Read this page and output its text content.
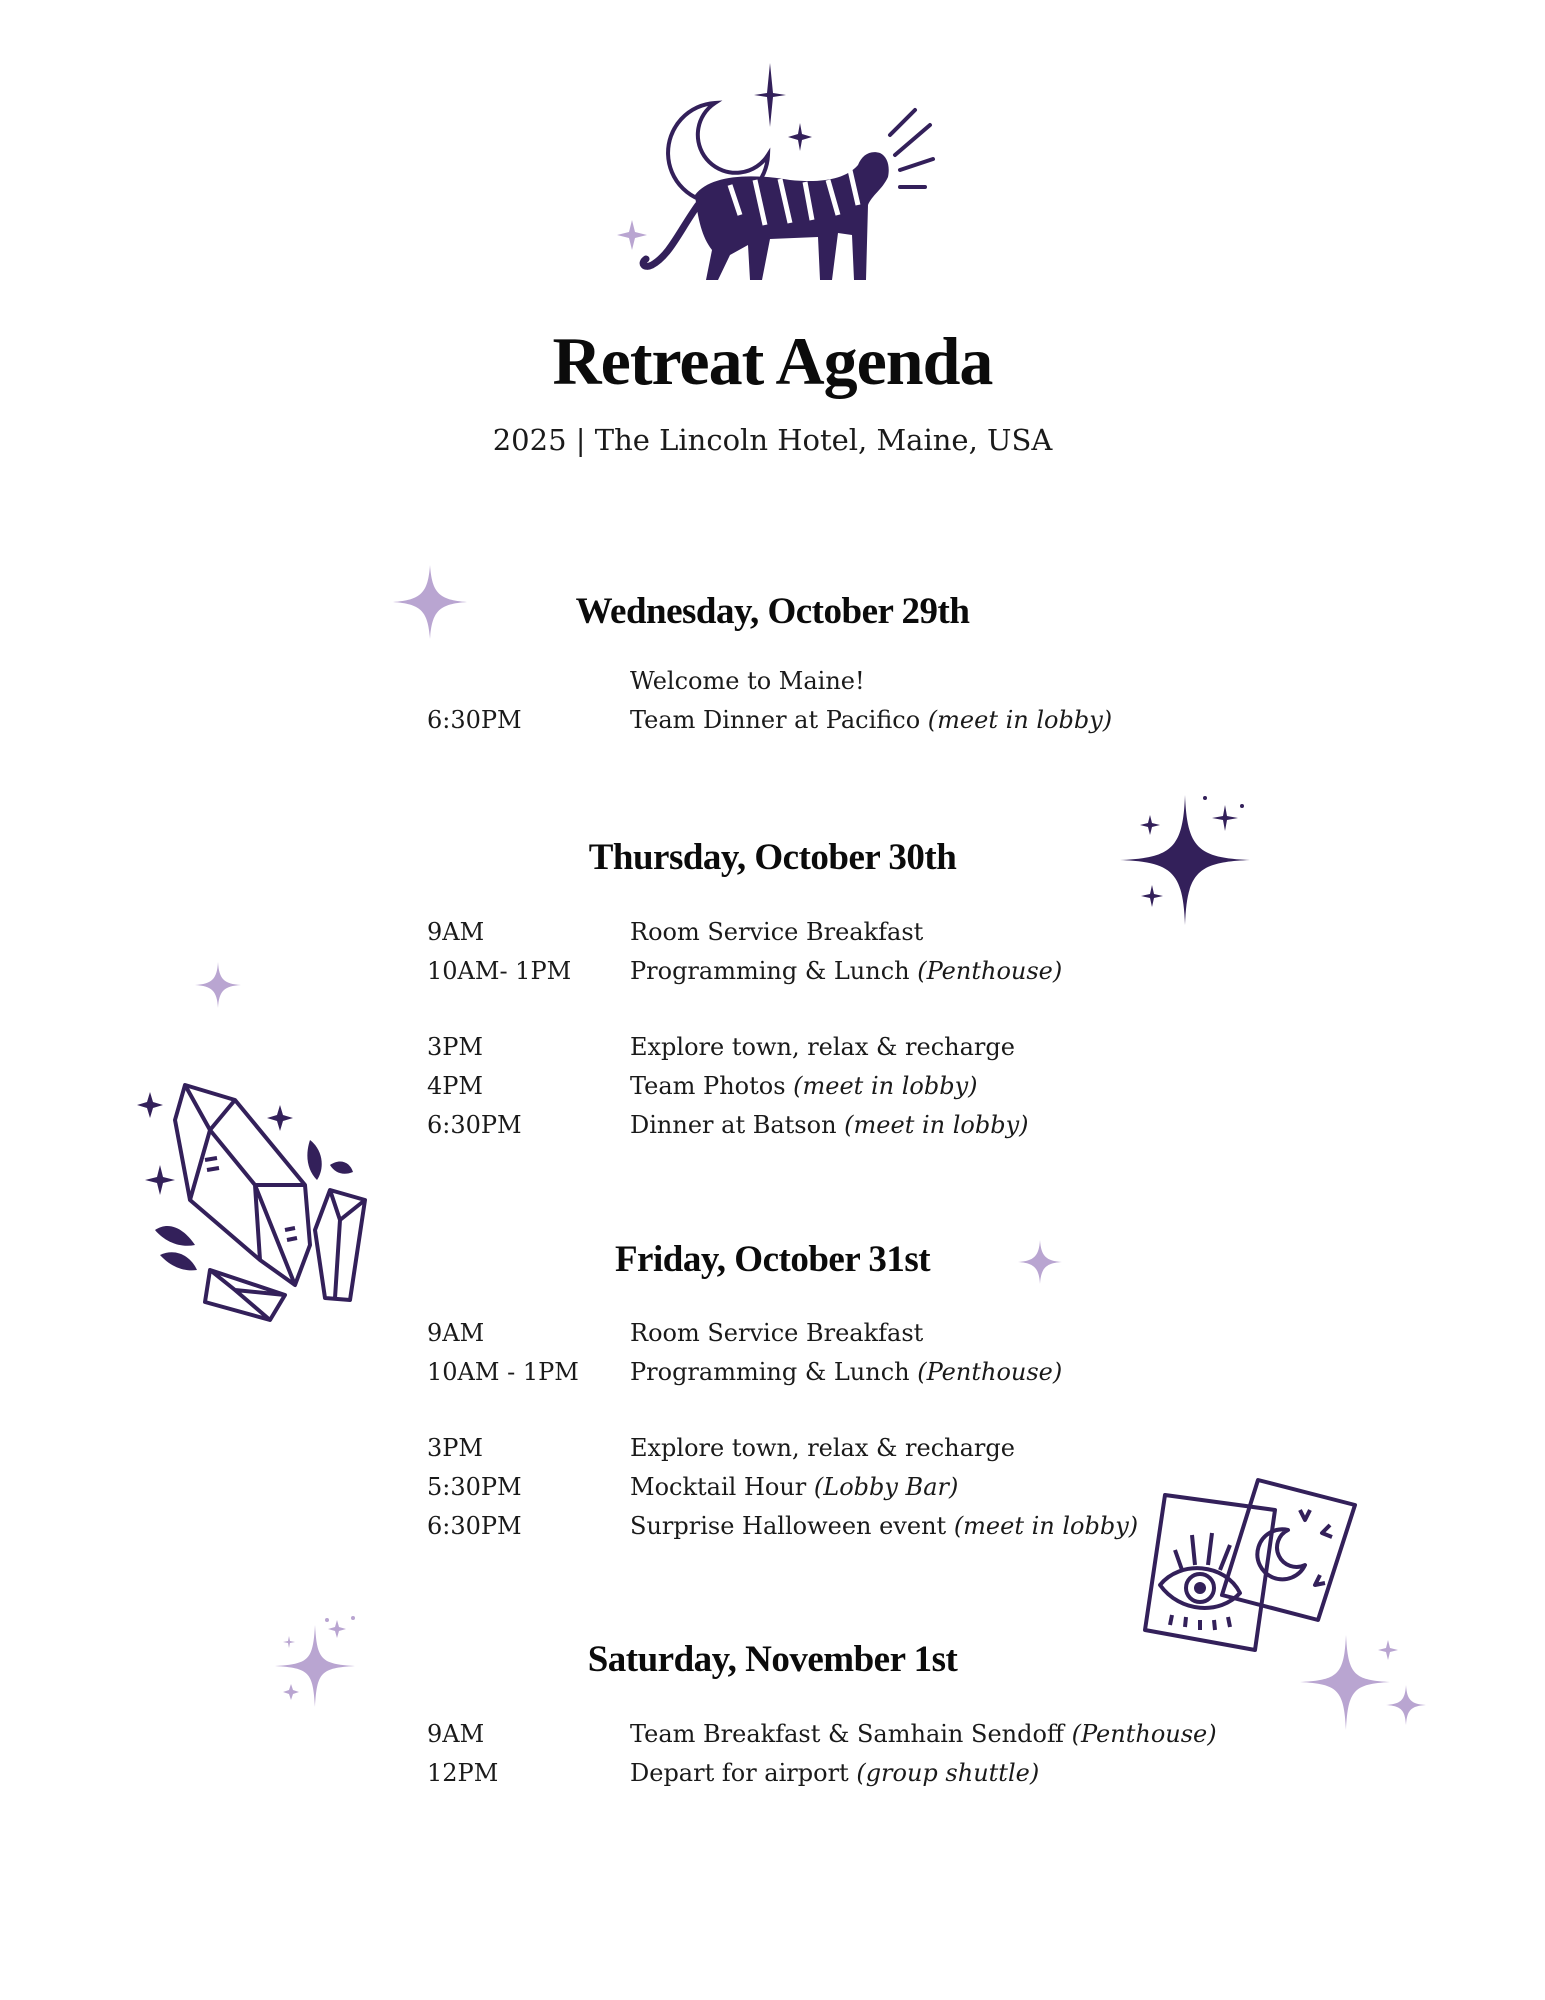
Retreat Agenda
2025 | The Lincoln Hotel, Maine, USA
Wednesday, October 29th
Welcome to Maine!
6:30PM	Team Dinner at Pacifico (meet in lobby)
Thursday, October 30th
9AM	Room Service Breakfast
10AM- 1PM Programming & Lunch (Penthouse)
3PM	Explore town, relax & recharge
4PM	Team Photos (meet in lobby)
6:30PM	Dinner at Batson (meet in lobby)
Friday, October 31st
9AM	Room Service Breakfast
10AM - 1PM Programming & Lunch (Penthouse)
3PM	Explore town, relax & recharge
5:30PM	Mocktail Hour (Lobby Bar)
6:30PM	Surprise Halloween event (meet in lobby)
Saturday, November 1st
9AM	Team Breakfast & Samhain Sendoff (Penthouse)
12PM	Depart for airport (group shuttle)
